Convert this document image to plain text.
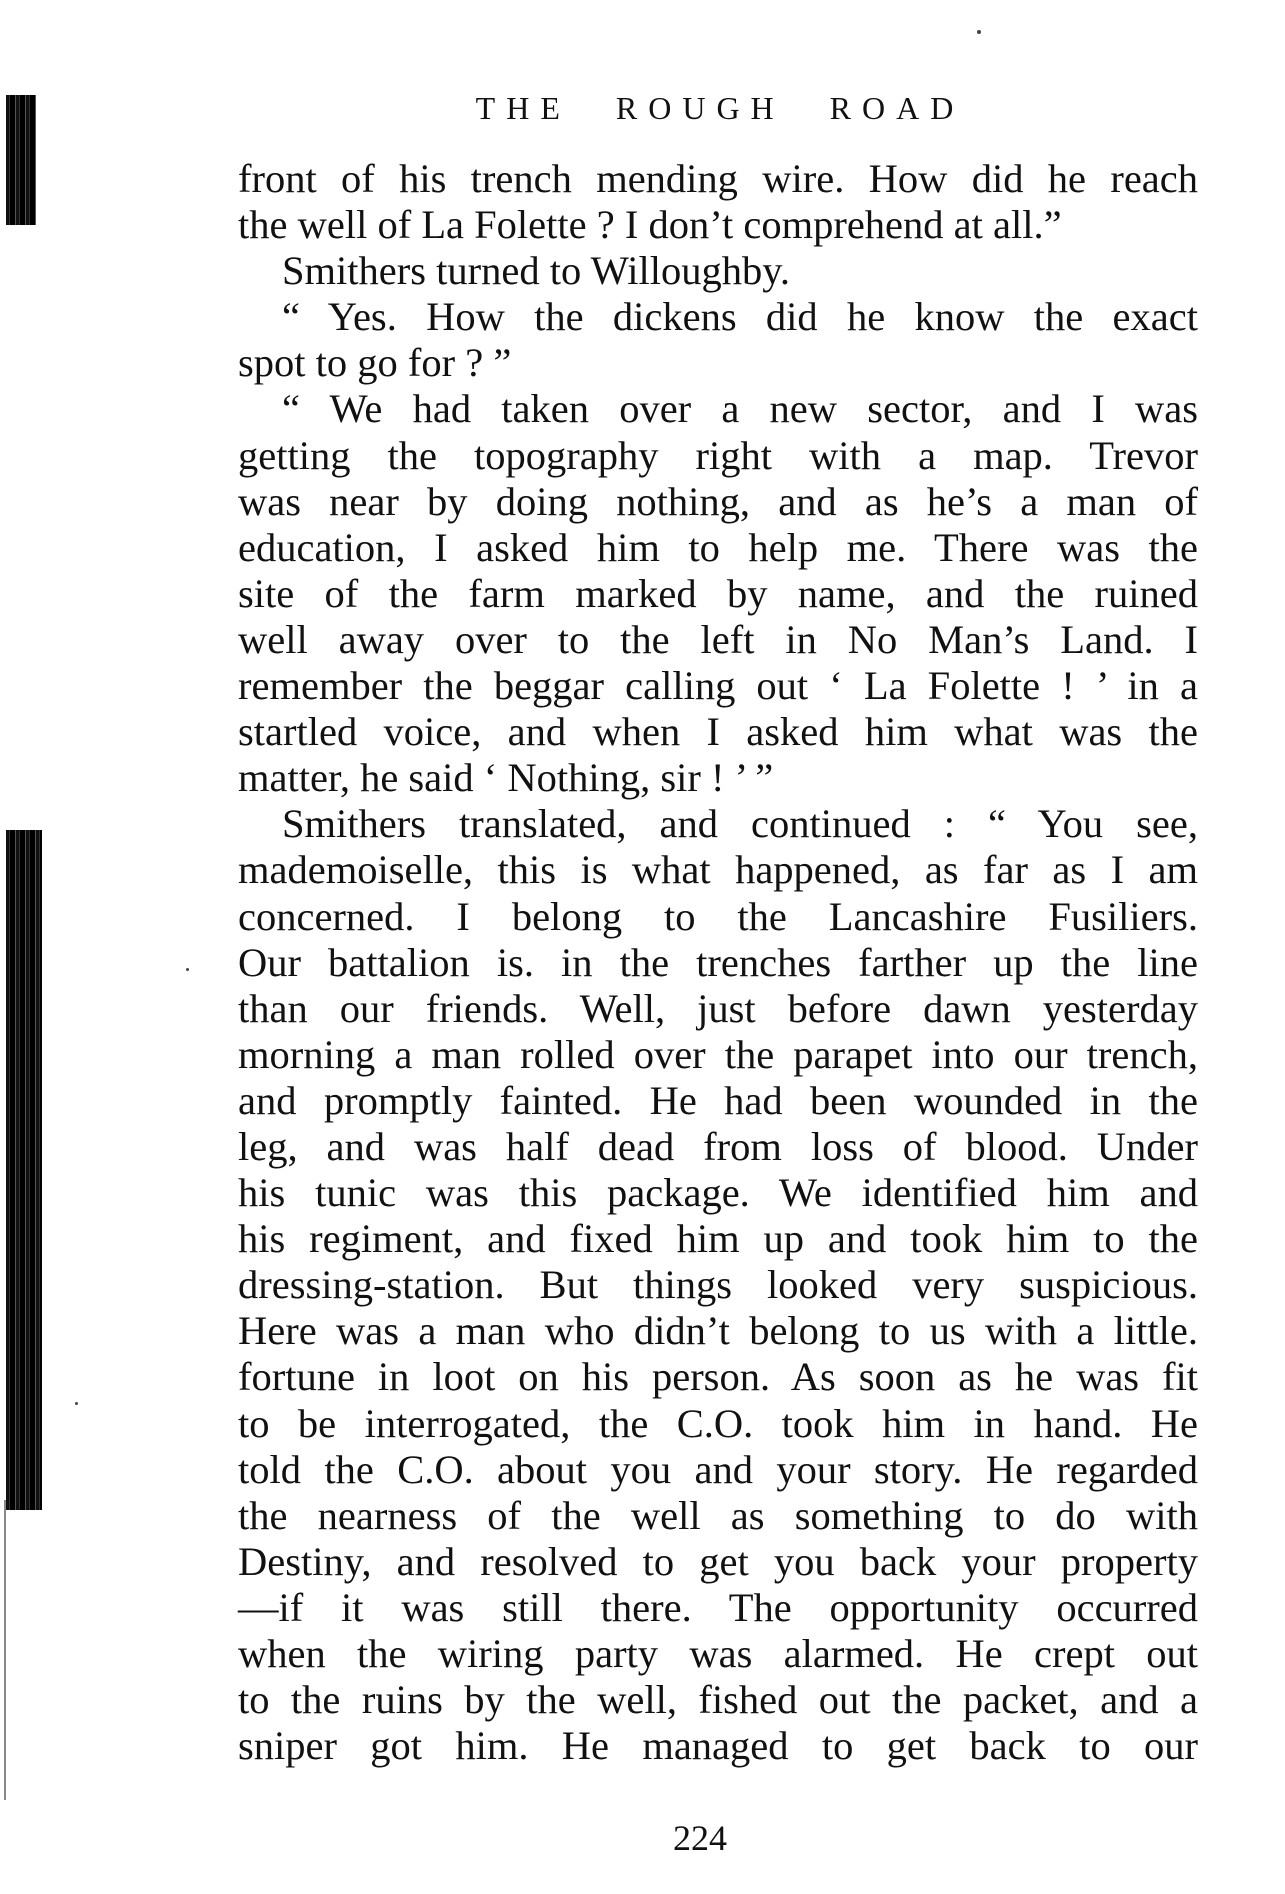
THE ROUGH ROAD
front of his trench mending wire. How did he reach
the well of La Folette ? I don’t comprehend at all.”
Smithers turned to Willoughby.
“ Yes. How the dickens did he know the exact
spot to go for ? ”
“ We had taken over a new sector, and I was
getting the topography right with a map. Trevor
was near by doing nothing, and as he’s a man of
education, I asked him to help me. There was the
site of the farm marked by name, and the ruined
well away over to the left in No Man’s Land. I
remember the beggar calling out ‘ La Folette ! ’ in a
startled voice, and when I asked him what was the
matter, he said ‘ Nothing, sir ! ’ ”
Smithers translated, and continued : “ You see,
mademoiselle, this is what happened, as far as I am
concerned. I belong to the Lancashire Fusiliers.
Our battalion is. in the trenches farther up the line
than our friends. Well, just before dawn yesterday
morning a man rolled over the parapet into our trench,
and promptly fainted. He had been wounded in the
leg, and was half dead from loss of blood. Under
his tunic was this package. We identified him and
his regiment, and fixed him up and took him to the
dressing-station. But things looked very suspicious.
Here was a man who didn’t belong to us with a little.
fortune in loot on his person. As soon as he was fit
to be interrogated, the C.O. took him in hand. He
told the C.O. about you and your story. He regarded
the nearness of the well as something to do with
Destiny, and resolved to get you back your property
—if it was still there. The opportunity occurred
when the wiring party was alarmed. He crept out
to the ruins by the well, fished out the packet, and a
sniper got him. He managed to get back to our
224
